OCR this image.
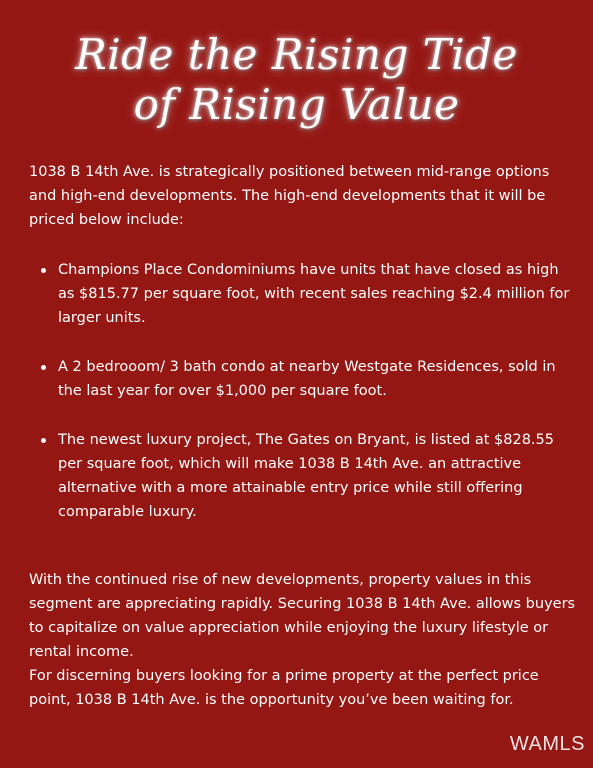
Ride the Rising Tide
of Rising Value

1038 B 14th Ave. is strategically positioned between mid-range options and high-end developments. The high-end developments that it will be priced below include:

Champions Place Condominiums have units that have closed as high as $815.77 per square foot, with recent sales reaching $2.4 million for larger units.
A 2 bedrooom/ 3 bath condo at nearby Westgate Residences, sold in the last year for over $1,000 per square foot.
The newest luxury project, The Gates on Bryant, is listed at $828.55 per square foot, which will make 1038 B 14th Ave. an attractive alternative with a more attainable entry price while still offering comparable luxury.

With the continued rise of new developments, property values in this segment are appreciating rapidly. Securing 1038 B 14th Ave. allows buyers to capitalize on value appreciation while enjoying the luxury lifestyle or rental income.

For discerning buyers looking for a prime property at the perfect price point, 1038 B 14th Ave. is the opportunity you’ve been waiting for.

WAMLS
